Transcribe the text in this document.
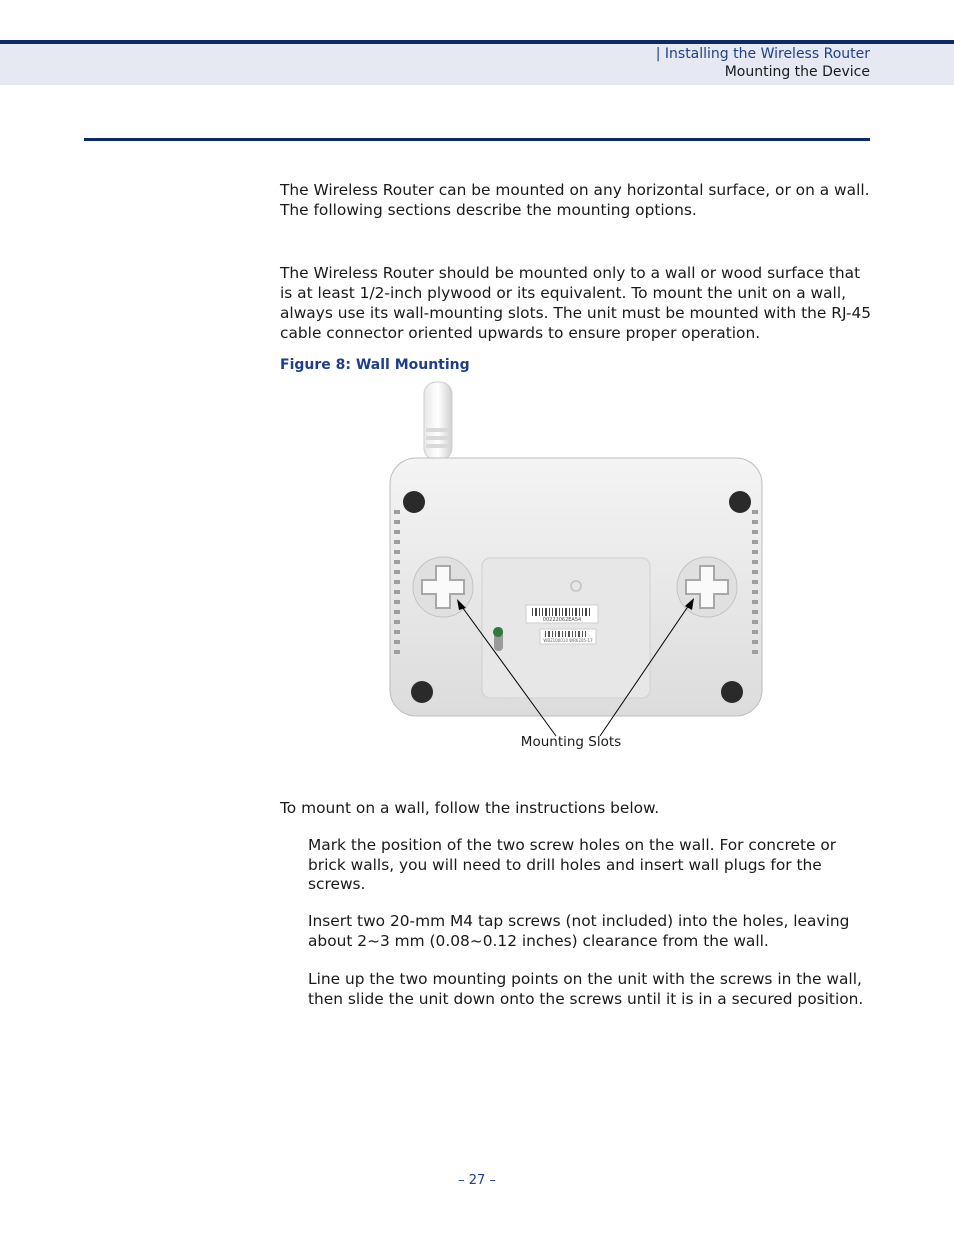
| Installing the Wireless Router
Mounting the Device

The Wireless Router can be mounted on any horizontal surface, or on a wall. The following sections describe the mounting options.

The Wireless Router should be mounted only to a wall or wood surface that is at least 1/2-inch plywood or its equivalent. To mount the unit on a wall, always use its wall-mounting slots. The unit must be mounted with the RJ-45 cable connector oriented upwards to ensure proper operation.

Figure 8: Wall Mounting
00222062EA54
WB2100014 WR6205-17
Mounting Slots

To mount on a wall, follow the instructions below.

Mark the position of the two screw holes on the wall. For concrete or brick walls, you will need to drill holes and insert wall plugs for the screws.

Insert two 20-mm M4 tap screws (not included) into the holes, leaving about 2~3 mm (0.08~0.12 inches) clearance from the wall.

Line up the two mounting points on the unit with the screws in the wall, then slide the unit down onto the screws until it is in a secured position.

– 27 –
